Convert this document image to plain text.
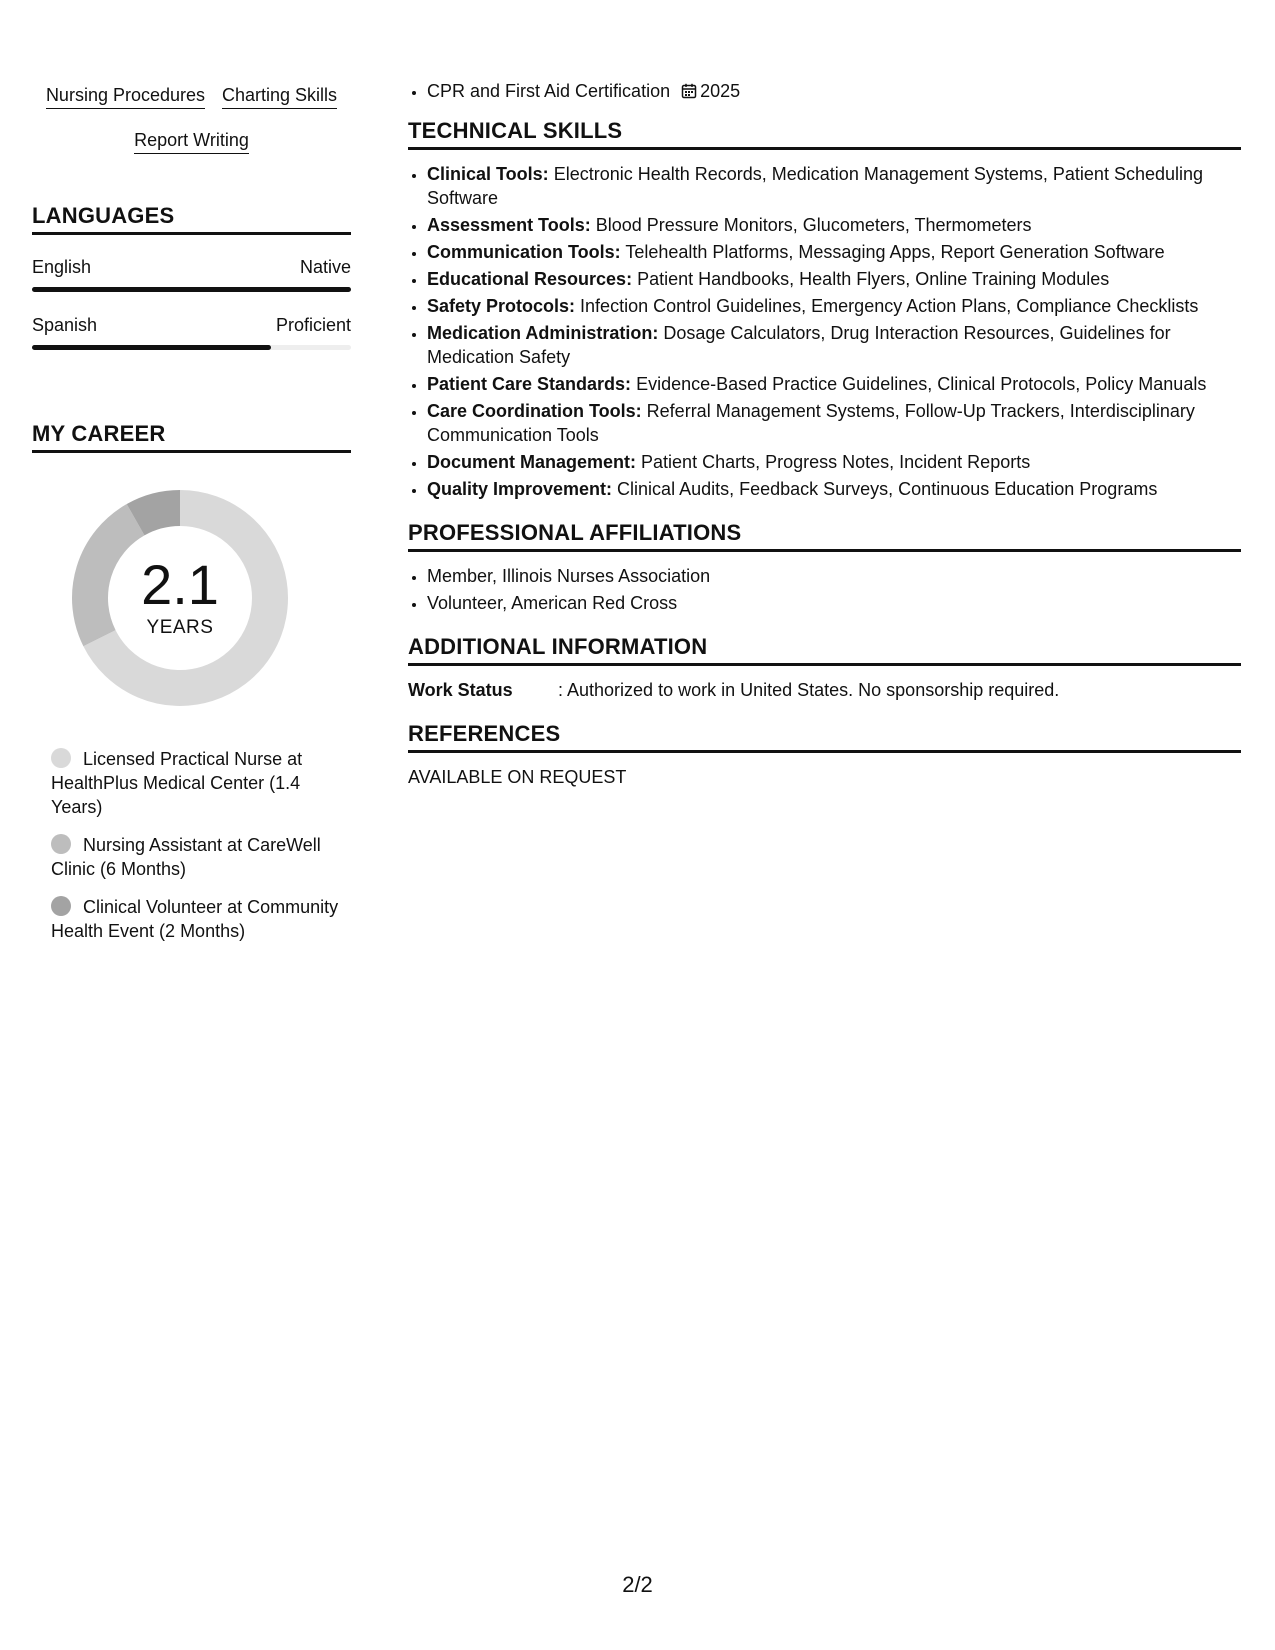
Nursing Procedures Charting Skills
Report Writing
LANGUAGES
English	Native
Spanish	Proficient
MY CAREER
2.1
YEARS
Licensed Practical Nurse at HealthPlus Medical Center (1.4 Years)
Nursing Assistant at CareWell Clinic (6 Months)
Clinical Volunteer at Community Health Event (2 Months)
• CPR and First Aid Certification 2025
TECHNICAL SKILLS
• Clinical Tools: Electronic Health Records, Medication Management Systems, Patient Scheduling Software
• Assessment Tools: Blood Pressure Monitors, Glucometers, Thermometers
• Communication Tools: Telehealth Platforms, Messaging Apps, Report Generation Software
• Educational Resources: Patient Handbooks, Health Flyers, Online Training Modules
• Safety Protocols: Infection Control Guidelines, Emergency Action Plans, Compliance Checklists
• Medication Administration: Dosage Calculators, Drug Interaction Resources, Guidelines for Medication Safety
• Patient Care Standards: Evidence-Based Practice Guidelines, Clinical Protocols, Policy Manuals
• Care Coordination Tools: Referral Management Systems, Follow-Up Trackers, Interdisciplinary Communication Tools
• Document Management: Patient Charts, Progress Notes, Incident Reports
• Quality Improvement: Clinical Audits, Feedback Surveys, Continuous Education Programs
PROFESSIONAL AFFILIATIONS
• Member, Illinois Nurses Association
• Volunteer, American Red Cross
ADDITIONAL INFORMATION
Work Status	: Authorized to work in United States. No sponsorship required.
REFERENCES
AVAILABLE ON REQUEST
2/2
